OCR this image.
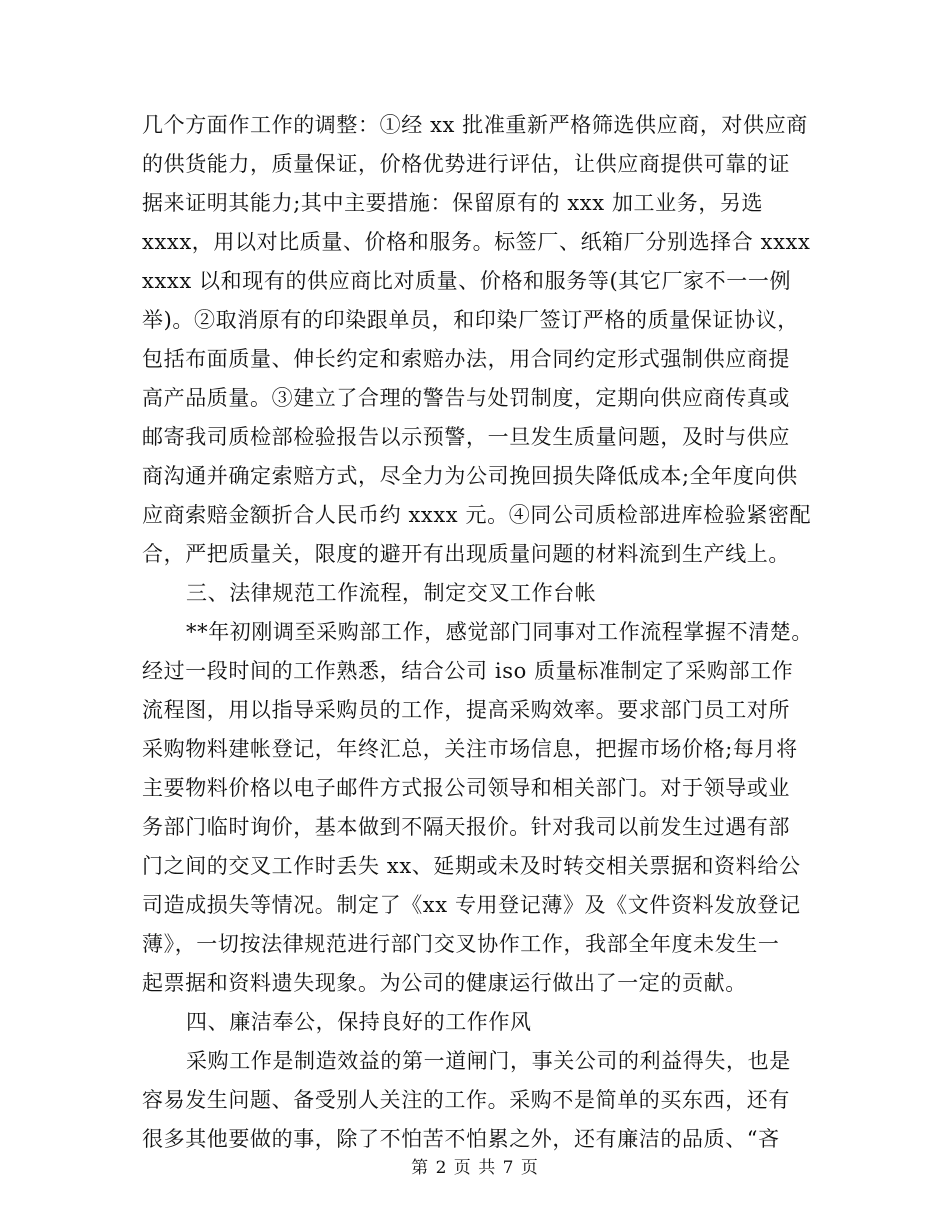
几个方面作工作的调整：①经 xx 批准重新严格筛选供应商，对供应商
的供货能力，质量保证，价格优势进行评估，让供应商提供可靠的证
据来证明其能力;其中主要措施：保留原有的 xxx 加工业务，另选
xxxx，用以对比质量、价格和服务。标签厂、纸箱厂分别选择合 xxxx
xxxx 以和现有的供应商比对质量、价格和服务等(其它厂家不一一例
举)。②取消原有的印染跟单员，和印染厂签订严格的质量保证协议，
包括布面质量、伸长约定和索赔办法，用合同约定形式强制供应商提
高产品质量。③建立了合理的警告与处罚制度，定期向供应商传真或
邮寄我司质检部检验报告以示预警，一旦发生质量问题，及时与供应
商沟通并确定索赔方式，尽全力为公司挽回损失降低成本;全年度向供
应商索赔金额折合人民币约 xxxx 元。④同公司质检部进库检验紧密配
合，严把质量关，限度的避开有出现质量问题的材料流到生产线上。
三、法律规范工作流程，制定交叉工作台帐
**年初刚调至采购部工作，感觉部门同事对工作流程掌握不清楚。
经过一段时间的工作熟悉，结合公司 iso 质量标准制定了采购部工作
流程图，用以指导采购员的工作，提高采购效率。要求部门员工对所
采购物料建帐登记，年终汇总，关注市场信息，把握市场价格;每月将
主要物料价格以电子邮件方式报公司领导和相关部门。对于领导或业
务部门临时询价，基本做到不隔天报价。针对我司以前发生过遇有部
门之间的交叉工作时丢失 xx、延期或未及时转交相关票据和资料给公
司造成损失等情况。制定了《xx 专用登记薄》及《文件资料发放登记
薄》，一切按法律规范进行部门交叉协作工作，我部全年度未发生一
起票据和资料遗失现象。为公司的健康运行做出了一定的贡献。
四、廉洁奉公，保持良好的工作作风
采购工作是制造效益的第一道闸门，事关公司的利益得失，也是
容易发生问题、备受别人关注的工作。采购不是简单的买东西，还有
很多其他要做的事，除了不怕苦不怕累之外，还有廉洁的品质、“吝
第 2 页 共 7 页
